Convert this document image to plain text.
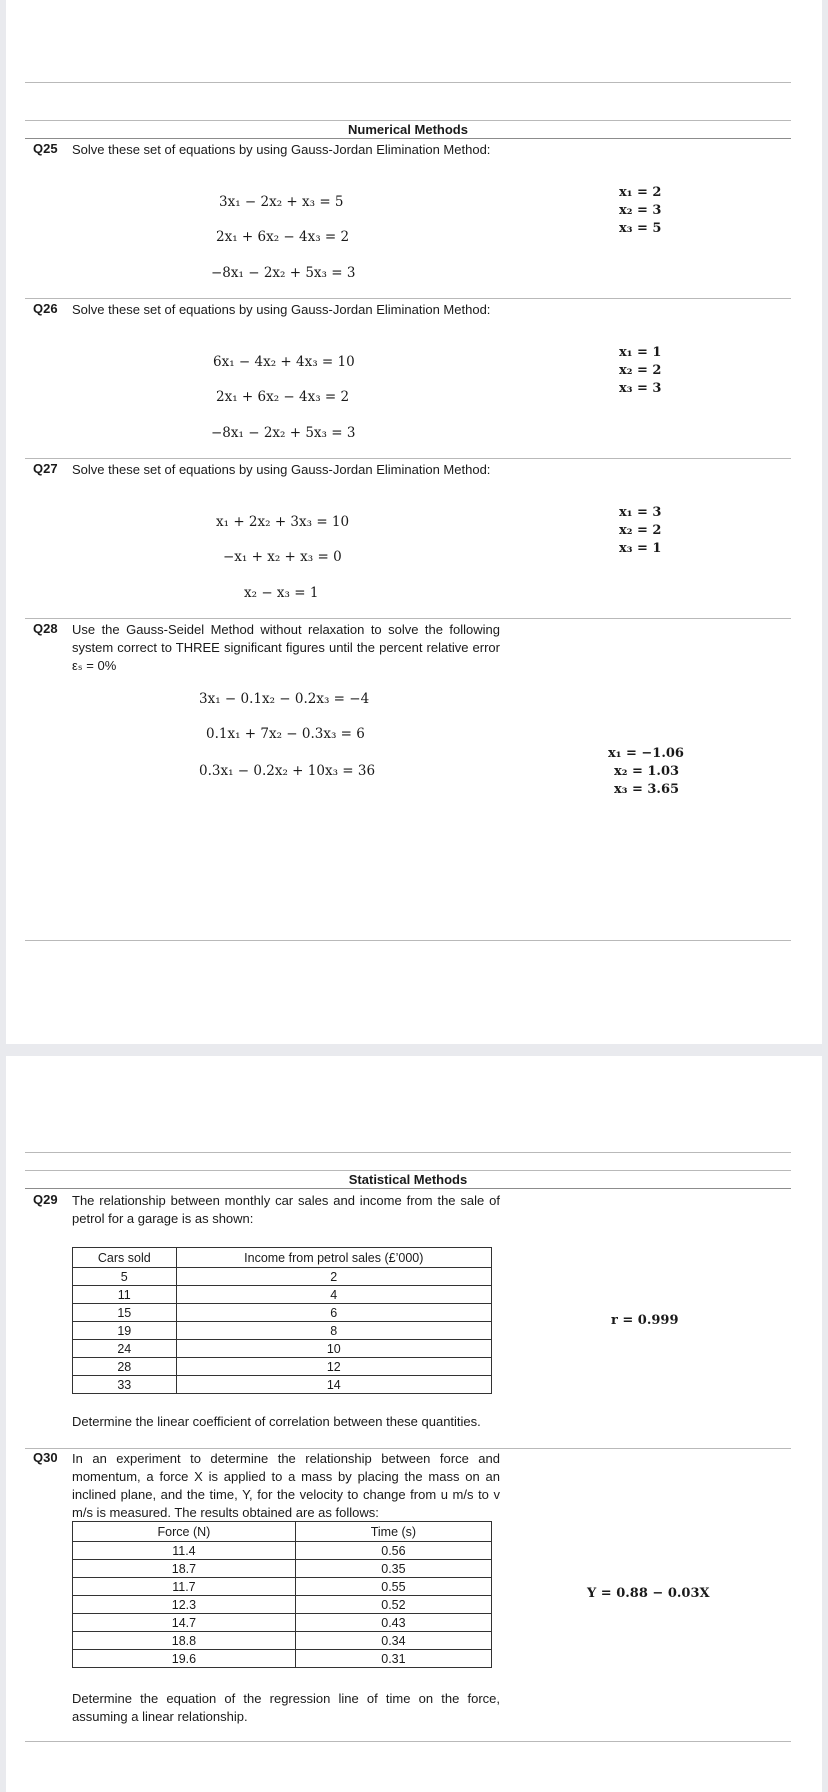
Numerical Methods
Q25 Solve these set of equations by using Gauss-Jordan Elimination Method:
3x₁ − 2x₂ + x₃ = 5
2x₁ + 6x₂ − 4x₃ = 2
−8x₁ − 2x₂ + 5x₃ = 3
x₁ = 2
x₂ = 3
x₃ = 5
Q26 Solve these set of equations by using Gauss-Jordan Elimination Method:
6x₁ − 4x₂ + 4x₃ = 10
2x₁ + 6x₂ − 4x₃ = 2
−8x₁ − 2x₂ + 5x₃ = 3
x₁ = 1
x₂ = 2
x₃ = 3
Q27 Solve these set of equations by using Gauss-Jordan Elimination Method:
x₁ + 2x₂ + 3x₃ = 10
−x₁ + x₂ + x₃ = 0
x₂ − x₃ = 1
x₁ = 3
x₂ = 2
x₃ = 1
Q28 Use the Gauss-Seidel Method without relaxation to solve the following system correct to THREE significant figures until the percent relative error εₛ = 0%
3x₁ − 0.1x₂ − 0.2x₃ = −4
0.1x₁ + 7x₂ − 0.3x₃ = 6
0.3x₁ − 0.2x₂ + 10x₃ = 36
x₁ = −1.06
x₂ = 1.03
x₃ = 3.65
Statistical Methods
Q29 The relationship between monthly car sales and income from the sale of petrol for a garage is as shown:
Cars sold	Income from petrol sales (£’000)
5	2
11	4
15	6
19	8
24	10
28	12
33	14
Determine the linear coefficient of correlation between these quantities.
r = 0.999
Q30 In an experiment to determine the relationship between force and momentum, a force X is applied to a mass by placing the mass on an inclined plane, and the time, Y, for the velocity to change from u m/s to v m/s is measured. The results obtained are as follows:
Force (N)	Time (s)
11.4	0.56
18.7	0.35
11.7	0.55
12.3	0.52
14.7	0.43
18.8	0.34
19.6	0.31
Determine the equation of the regression line of time on the force, assuming a linear relationship.
Y = 0.88 − 0.03X
